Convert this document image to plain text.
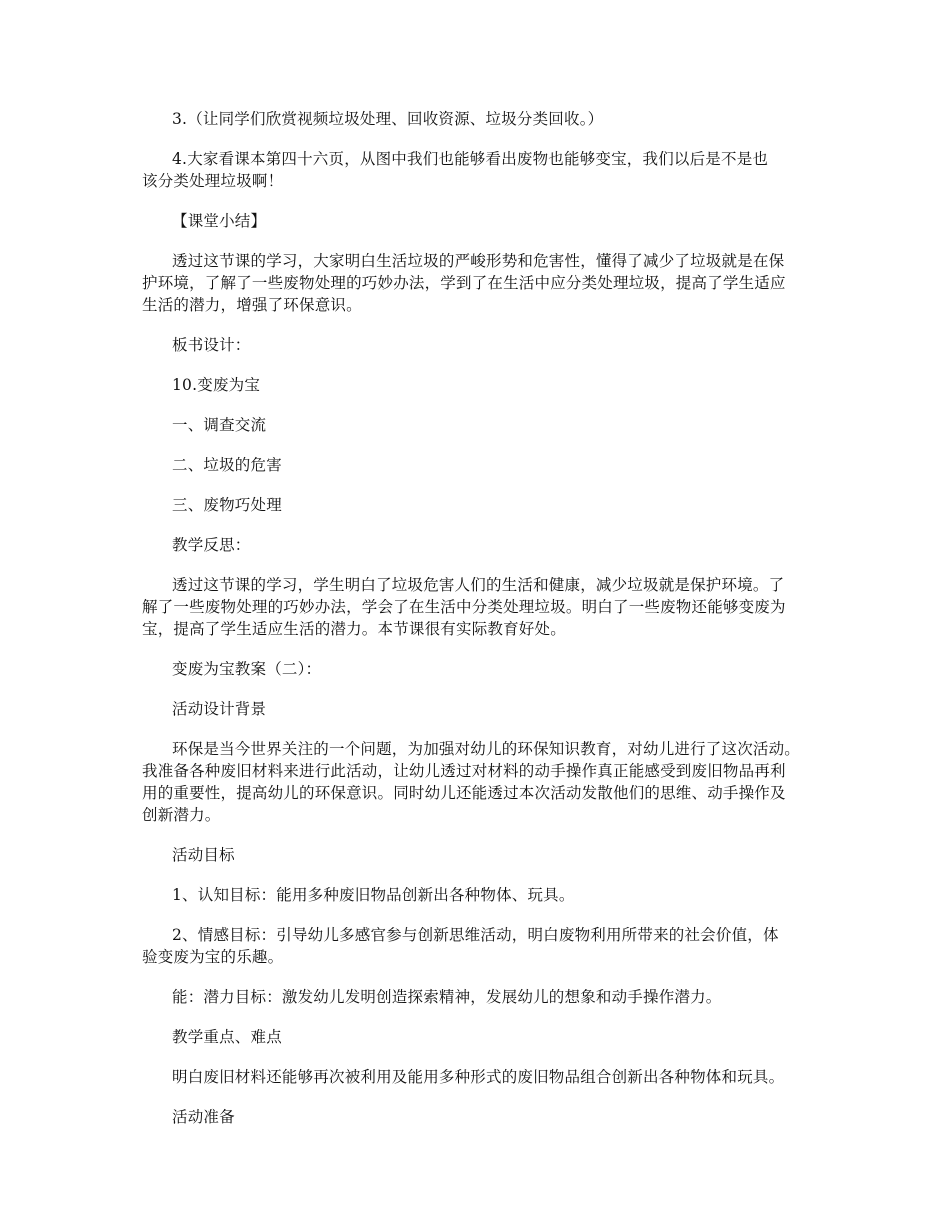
3.（让同学们欣赏视频垃圾处理、回收资源、垃圾分类回收。）
4.大家看课本第四十六页，从图中我们也能够看出废物也能够变宝，我们以后是不是也
该分类处理垃圾啊！
【课堂小结】
透过这节课的学习，大家明白生活垃圾的严峻形势和危害性，懂得了减少了垃圾就是在保
护环境，了解了一些废物处理的巧妙办法，学到了在生活中应分类处理垃圾，提高了学生适应
生活的潜力，增强了环保意识。
板书设计：
10.变废为宝
一、调查交流
二、垃圾的危害
三、废物巧处理
教学反思：
透过这节课的学习，学生明白了垃圾危害人们的生活和健康，减少垃圾就是保护环境。了
解了一些废物处理的巧妙办法，学会了在生活中分类处理垃圾。明白了一些废物还能够变废为
宝，提高了学生适应生活的潜力。本节课很有实际教育好处。
变废为宝教案（二）：
活动设计背景
环保是当今世界关注的一个问题，为加强对幼儿的环保知识教育，对幼儿进行了这次活动。
我准备各种废旧材料来进行此活动，让幼儿透过对材料的动手操作真正能感受到废旧物品再利
用的重要性，提高幼儿的环保意识。同时幼儿还能透过本次活动发散他们的思维、动手操作及
创新潜力。
活动目标
1、认知目标：能用多种废旧物品创新出各种物体、玩具。
2、情感目标：引导幼儿多感官参与创新思维活动，明白废物利用所带来的社会价值，体
验变废为宝的乐趣。
能：潜力目标：激发幼儿发明创造探索精神，发展幼儿的想象和动手操作潜力。
教学重点、难点
明白废旧材料还能够再次被利用及能用多种形式的废旧物品组合创新出各种物体和玩具。
活动准备
